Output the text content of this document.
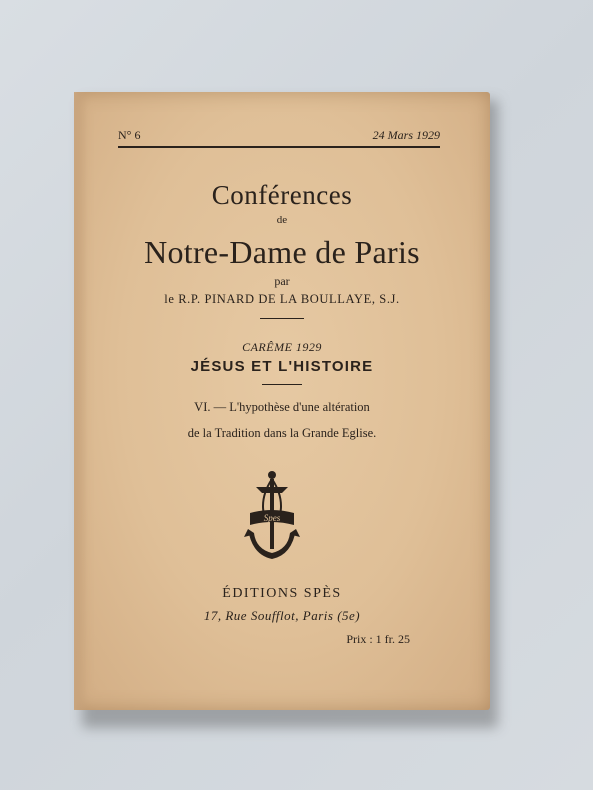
N° 6	24 Mars 1929
Conférences
de
Notre-Dame de Paris
par
le R.P. PINARD DE LA BOULLAYE, S.J.
CARÊME 1929
JÉSUS ET L'HISTOIRE
VI. — L'hypothèse d'une altération
de la Tradition dans la Grande Eglise.
Spes
ÉDITIONS SPÈS
17, Rue Soufflot, Paris (5e)
Prix : 1 fr. 25
